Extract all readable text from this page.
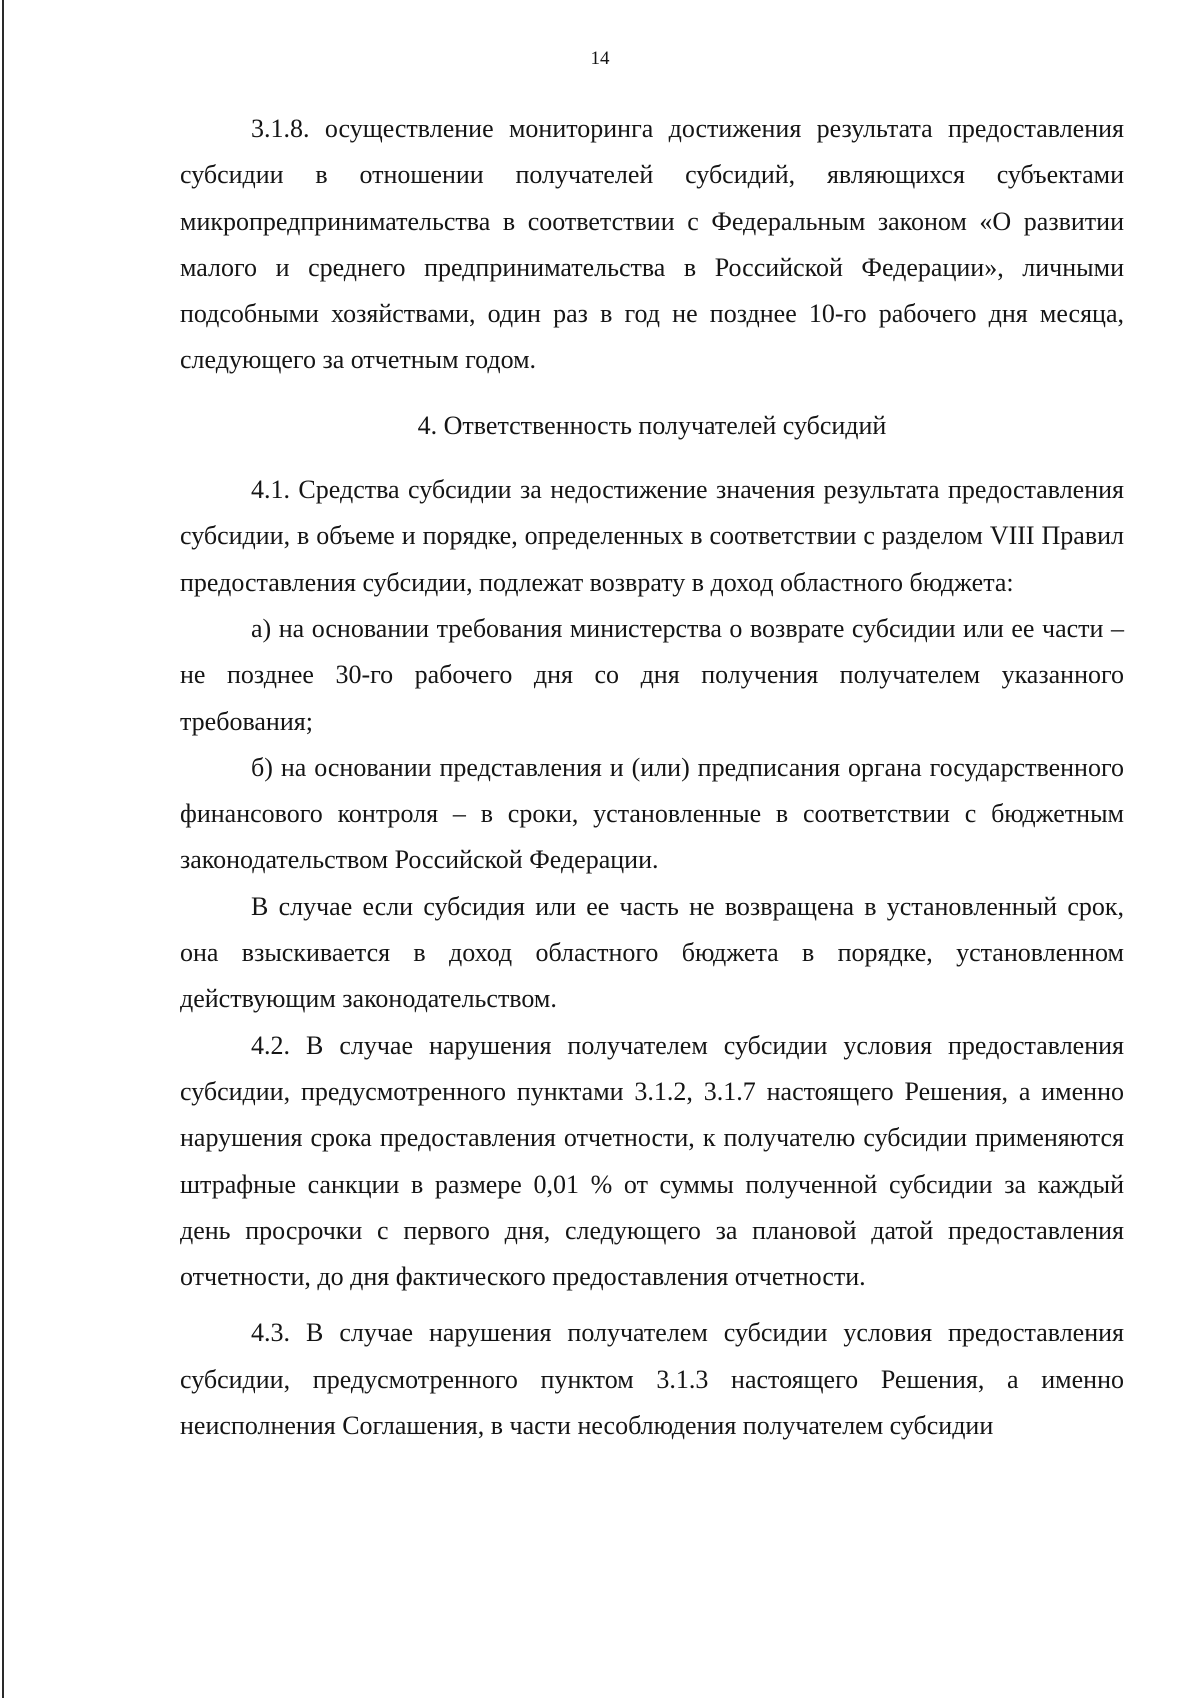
14

3.1.8. осуществление мониторинга достижения результата предоставления субсидии в отношении получателей субсидий, являющихся субъектами микропредпринимательства в соответствии с Федеральным законом «О развитии малого и среднего предпринимательства в Российской Федерации», личными подсобными хозяйствами, один раз в год не позднее 10-го рабочего дня месяца, следующего за отчетным годом.

4. Ответственность получателей субсидий

4.1. Средства субсидии за недостижение значения результата предоставления субсидии, в объеме и порядке, определенных в соответствии с разделом VIII Правил предоставления субсидии, подлежат возврату в доход областного бюджета:

а) на основании требования министерства о возврате субсидии или ее части – не позднее 30-го рабочего дня со дня получения получателем указанного требования;

б) на основании представления и (или) предписания органа государственного финансового контроля – в сроки, установленные в соответствии с бюджетным законодательством Российской Федерации.

В случае если субсидия или ее часть не возвращена в установленный срок, она взыскивается в доход областного бюджета в порядке, установленном действующим законодательством.

4.2. В случае нарушения получателем субсидии условия предоставления субсидии, предусмотренного пунктами 3.1.2, 3.1.7 настоящего Решения, а именно нарушения срока предоставления отчетности, к получателю субсидии применяются штрафные санкции в размере 0,01 % от суммы полученной субсидии за каждый день просрочки с первого дня, следующего за плановой датой предоставления отчетности, до дня фактического предоставления отчетности.

4.3. В случае нарушения получателем субсидии условия предоставления субсидии, предусмотренного пунктом 3.1.3 настоящего Решения, а именно неисполнения Соглашения, в части несоблюдения получателем субсидии
